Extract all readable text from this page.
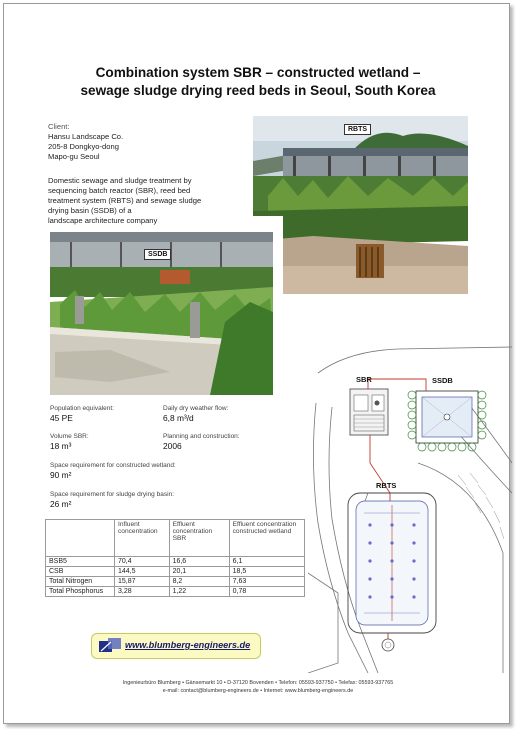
Combination system SBR – constructed wetland –
sewage sludge drying reed beds in Seoul, South Korea
Client:
Hansu Landscape Co.
205-8 Dongkyo-dong
Mapo-gu Seoul
Domestic sewage and sludge treatment by
sequencing batch reactor (SBR), reed bed
treatment system (RBTS) and sewage sludge
drying basin (SSDB) of a
landscape architecture company
RBTS
SSDB
Population equivalent:
45 PE
Daily dry weather flow:
6,8 m³/d
Volume SBR:
18 m³
Planning and construction:
2006
Space requirement for constructed wetland:
90 m²
Space requirement for sludge drying basin:
26 m²
	Influent concentration	Effluent concentration SBR	Effluent concentration constructed wetland
BSB5	70,4	16,6	6,1
CSB	144,5	20,1	18,5
Total Nitrogen	15,87	8,2	7,63
Total Phosphorus	3,28	1,22	0,78
SBR	SSDB
RBTS
www.blumberg-engineers.de
Ingenieurbüro Blumberg • Gänsemarkt 10 • D-37120 Bovenden • Telefon: 05593-937750 • Telefax: 05593-937765
e-mail: contact@blumberg-engineers.de • Internet: www.blumberg-engineers.de
